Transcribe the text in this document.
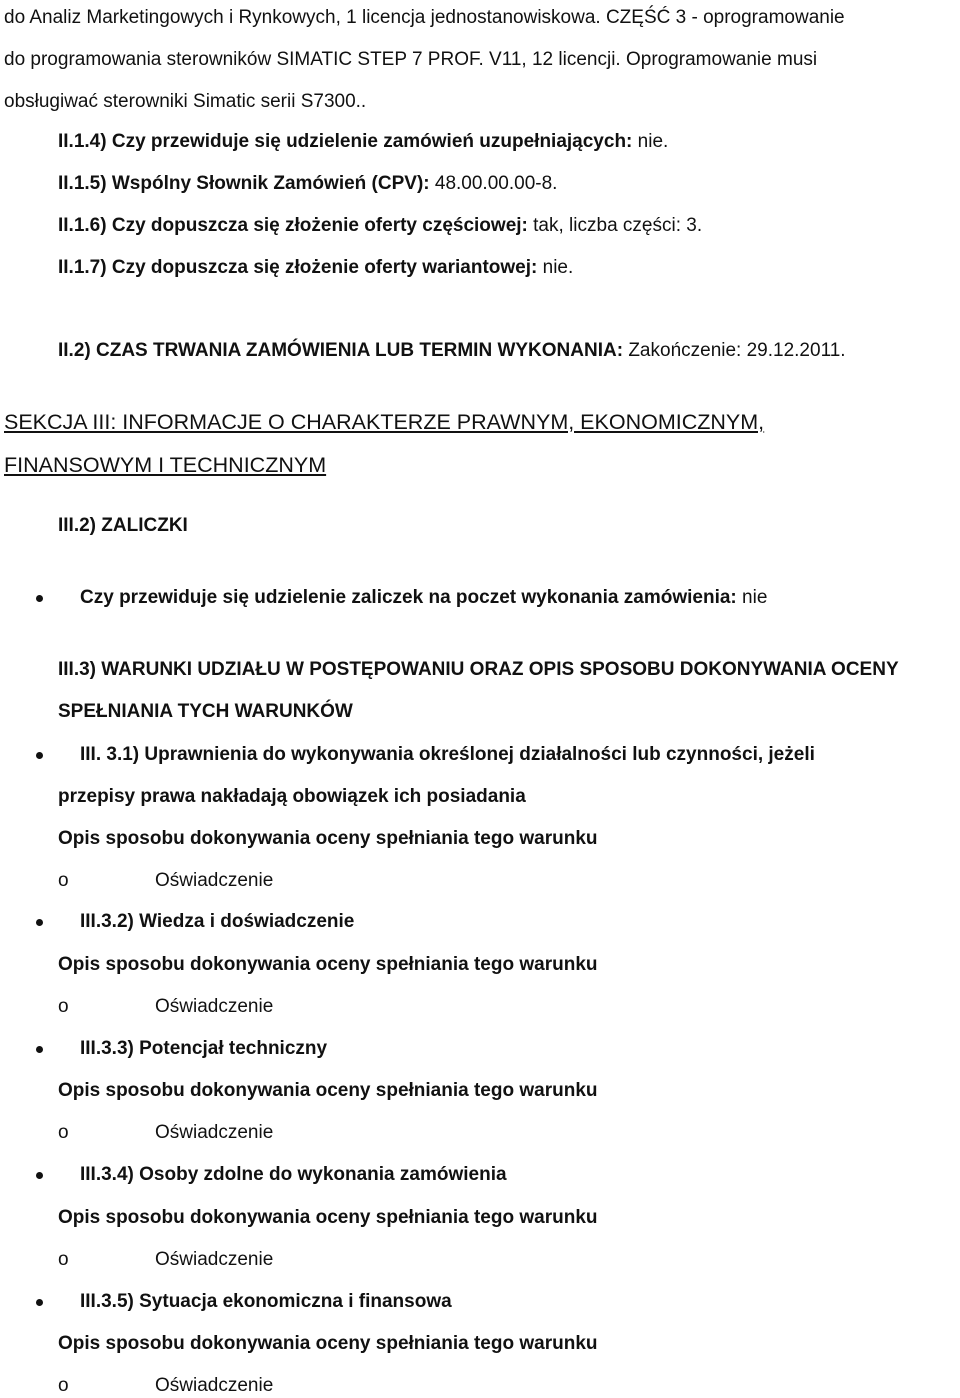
do Analiz Marketingowych i Rynkowych, 1 licencja jednostanowiskowa. CZĘŚĆ 3 - oprogramowanie
do programowania sterowników SIMATIC STEP 7 PROF. V11, 12 licencji. Oprogramowanie musi
obsługiwać sterowniki Simatic serii S7300..
II.1.4) Czy przewiduje się udzielenie zamówień uzupełniających: nie.
II.1.5) Wspólny Słownik Zamówień (CPV): 48.00.00.00-8.
II.1.6) Czy dopuszcza się złożenie oferty częściowej: tak, liczba części: 3.
II.1.7) Czy dopuszcza się złożenie oferty wariantowej: nie.
II.2) CZAS TRWANIA ZAMÓWIENIA LUB TERMIN WYKONANIA: Zakończenie: 29.12.2011.
SEKCJA III: INFORMACJE O CHARAKTERZE PRAWNYM, EKONOMICZNYM,
FINANSOWYM I TECHNICZNYM
III.2) ZALICZKI
Czy przewiduje się udzielenie zaliczek na poczet wykonania zamówienia: nie
III.3) WARUNKI UDZIAŁU W POSTĘPOWANIU ORAZ OPIS SPOSOBU DOKONYWANIA OCENY
SPEŁNIANIA TYCH WARUNKÓW
III. 3.1) Uprawnienia do wykonywania określonej działalności lub czynności, jeżeli
przepisy prawa nakładają obowiązek ich posiadania
Opis sposobu dokonywania oceny spełniania tego warunku
o	Oświadczenie
III.3.2) Wiedza i doświadczenie
Opis sposobu dokonywania oceny spełniania tego warunku
o	Oświadczenie
III.3.3) Potencjał techniczny
Opis sposobu dokonywania oceny spełniania tego warunku
o	Oświadczenie
III.3.4) Osoby zdolne do wykonania zamówienia
Opis sposobu dokonywania oceny spełniania tego warunku
o	Oświadczenie
III.3.5) Sytuacja ekonomiczna i finansowa
Opis sposobu dokonywania oceny spełniania tego warunku
o	Oświadczenie
